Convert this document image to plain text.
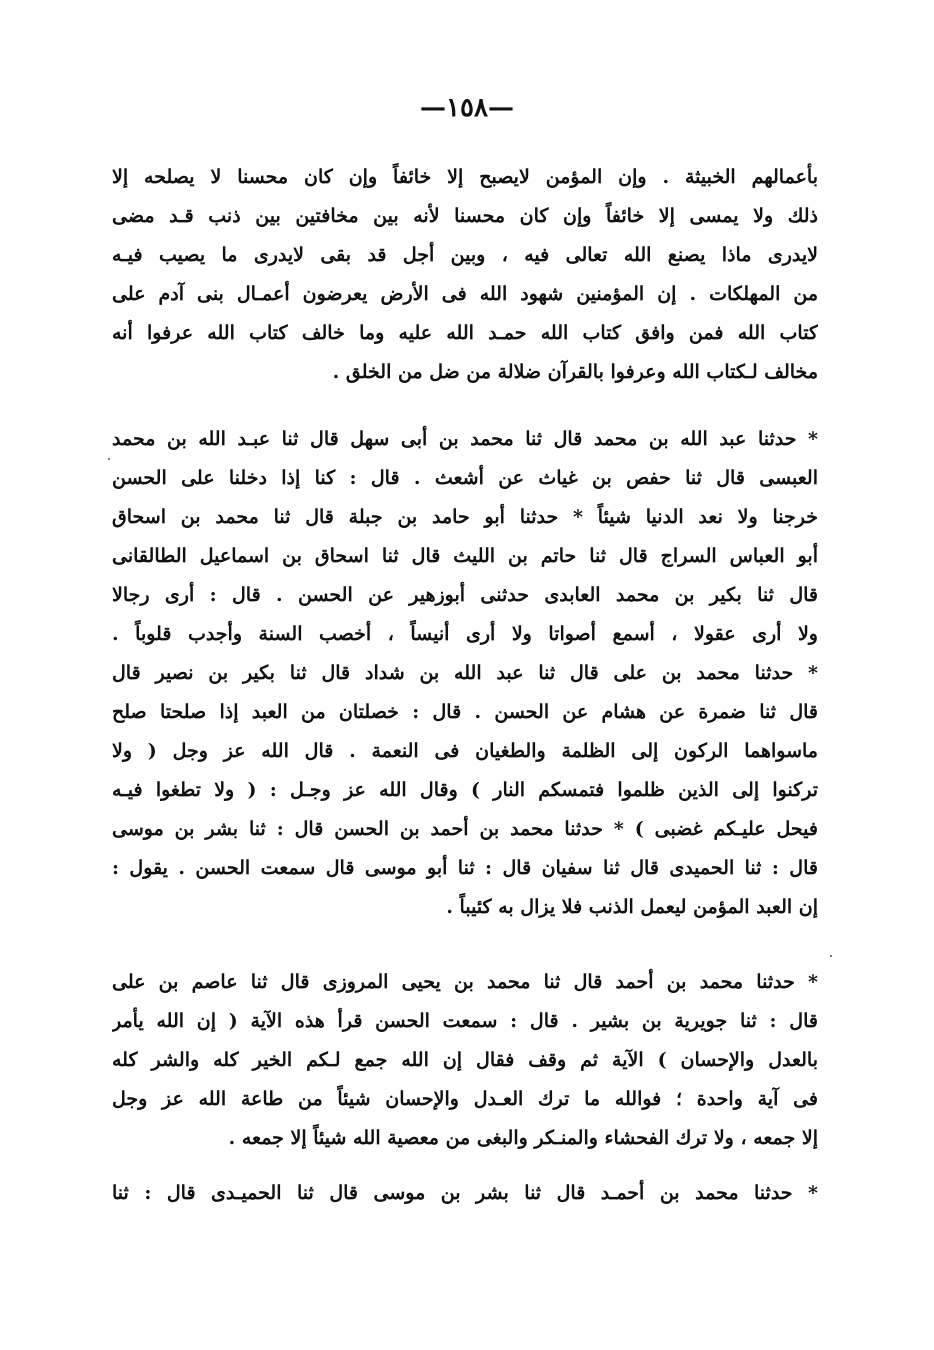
—١٥٨—
بأعمالهم الخبيثة . وإن المؤمن لايصبح إلا خائفاً وإن كان محسنا لا يصلحه إلا
ذلك ولا يمسى إلا خائفاً وإن كان محسنا لأنه بين مخافتين بين ذنب قـد مضى
لايدرى ماذا يصنع الله تعالى فيه ، وبين أجل قد بقى لايدرى ما يصيب فيـه
من المهلكات . إن المؤمنين شهود الله فى الأرض يعرضون أعمـال بنى آدم على
كتاب الله فمن وافق كتاب الله حمـد الله عليه وما خالف كتاب الله عرفوا أنه
مخالف لـكتاب الله وعرفوا بالقرآن ضلالة من ضل من الخلق .
* حدثنا عبد الله بن محمد قال ثنا محمد بن أبى سهل قال ثنا عبـد الله بن محمد
العبسى قال ثنا حفص بن غياث عن أشعث . قال : كنا إذا دخلنا على الحسن
خرجنا ولا نعد الدنيا شيئاً * حدثنا أبو حامد بن جبلة قال ثنا محمد بن اسحاق
أبو العباس السراج قال ثنا حاتم بن الليث قال ثنا اسحاق بن اسماعيل الطالقانى
قال ثنا بكير بن محمد العابدى حدثنى أبوزهير عن الحسن . قال : أرى رجالا
ولا أرى عقولا ، أسمع أصواتا ولا أرى أنيساً ، أخصب السنة وأجدب قلوباً .
* حدثنا محمد بن على قال ثنا عبد الله بن شداد قال ثنا بكير بن نصير قال
قال ثنا ضمرة عن هشام عن الحسن . قال : خصلتان من العبد إذا صلحتا صلح
ماسواهما الركون إلى الظلمة والطغيان فى النعمة . قال الله عز وجل ( ولا
تركنوا إلى الذين ظلموا فتمسكم النار ) وقال الله عز وجـل : ( ولا تطغوا فيـه
فيحل عليـكم غضبى ) * حدثنا محمد بن أحمد بن الحسن قال : ثنا بشر بن موسى
قال : ثنا الحميدى قال ثنا سفيان قال : ثنا أبو موسى قال سمعت الحسن . يقول :
إن العبد المؤمن ليعمل الذنب فلا يزال به كئيباً .
* حدثنا محمد بن أحمد قال ثنا محمد بن يحيى المروزى قال ثنا عاصم بن على
قال : ثنا جويرية بن بشير . قال : سمعت الحسن قرأ هذه الآية ( إن الله يأمر
بالعدل والإحسان ) الآية ثم وقف فقال إن الله جمع لـكم الخير كله والشر كله
فى آية واحدة ؛ فوالله ما ترك العـدل والإحسان شيئاً من طاعة الله عز وجل
إلا جمعه ، ولا ترك الفحشاء والمنـكر والبغى من معصية الله شيئاً إلا جمعه .
* حدثنا محمد بن أحمـد قال ثنا بشر بن موسى قال ثنا الحميـدى قال : ثنا
